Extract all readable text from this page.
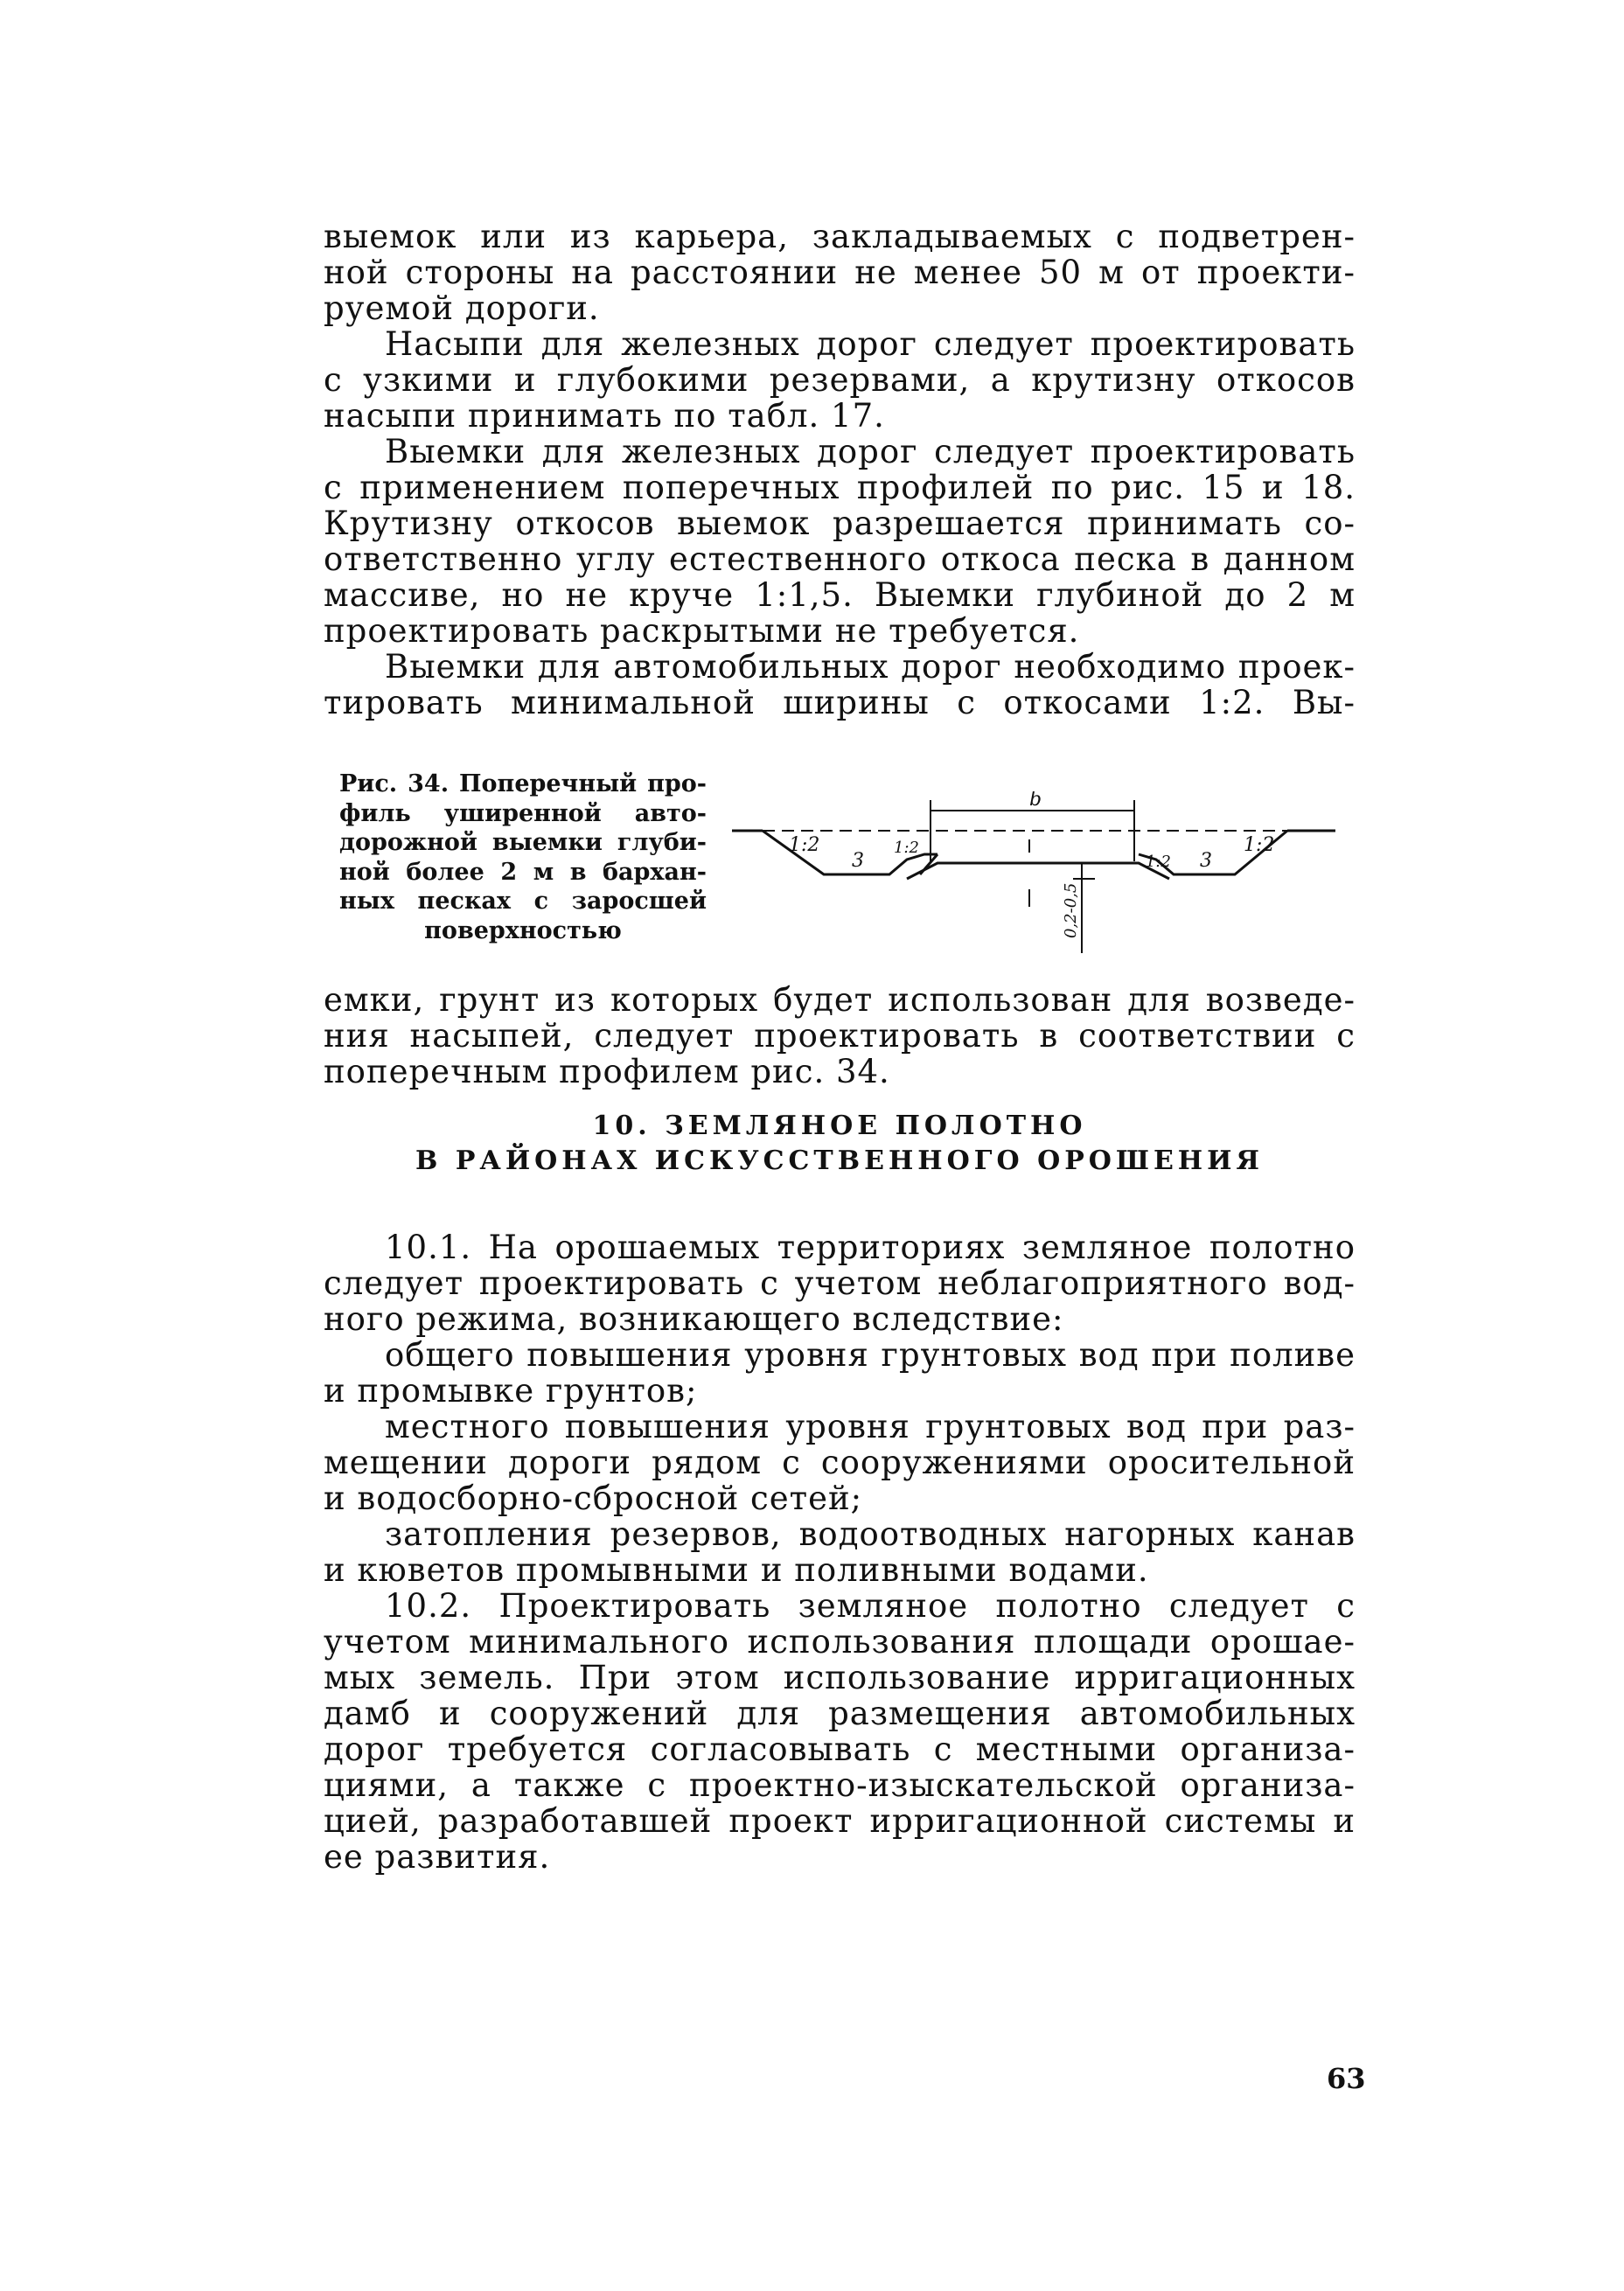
выемок или из карьера, закладываемых с подветрен-
ной стороны на расстоянии не менее 50 м от проекти-
руемой дороги.
Насыпи для железных дорог следует проектировать
с узкими и глубокими резервами, а крутизну откосов
насыпи принимать по табл. 17.
Выемки для железных дорог следует проектировать
с применением поперечных профилей по рис. 15 и 18.
Крутизну откосов выемок разрешается принимать со-
ответственно углу естественного откоса песка в данном
массиве, но не круче 1:1,5. Выемки глубиной до 2 м
проектировать раскрытыми не требуется.
Выемки для автомобильных дорог необходимо проек-
тировать минимальной ширины с откосами 1:2. Вы-
Рис. 34. Поперечный про-
филь уширенной авто-
дорожной выемки глуби-
ной более 2 м в бархан-
ных песках с заросшей
поверхностью
b
1:2
3
1:2
1:2 3
1:2
0,2-0,5
емки, грунт из которых будет использован для возведе-
ния насыпей, следует проектировать в соответствии с
поперечным профилем рис. 34.
10. ЗЕМЛЯНОЕ ПОЛОТНО
В РАЙОНАХ ИСКУССТВЕННОГО ОРОШЕНИЯ
10.1. На орошаемых территориях земляное полотно
следует проектировать с учетом неблагоприятного вод-
ного режима, возникающего вследствие:
общего повышения уровня грунтовых вод при поливе
и промывке грунтов;
местного повышения уровня грунтовых вод при раз-
мещении дороги рядом с сооружениями оросительной
и водосборно-сбросной сетей;
затопления резервов, водоотводных нагорных канав
и кюветов промывными и поливными водами.
10.2. Проектировать земляное полотно следует с
учетом минимального использования площади орошае-
мых земель. При этом использование ирригационных
дамб и сооружений для размещения автомобильных
дорог требуется согласовывать с местными организа-
циями, а также с проектно-изыскательской организа-
цией, разработавшей проект ирригационной системы и
ее развития.
63
